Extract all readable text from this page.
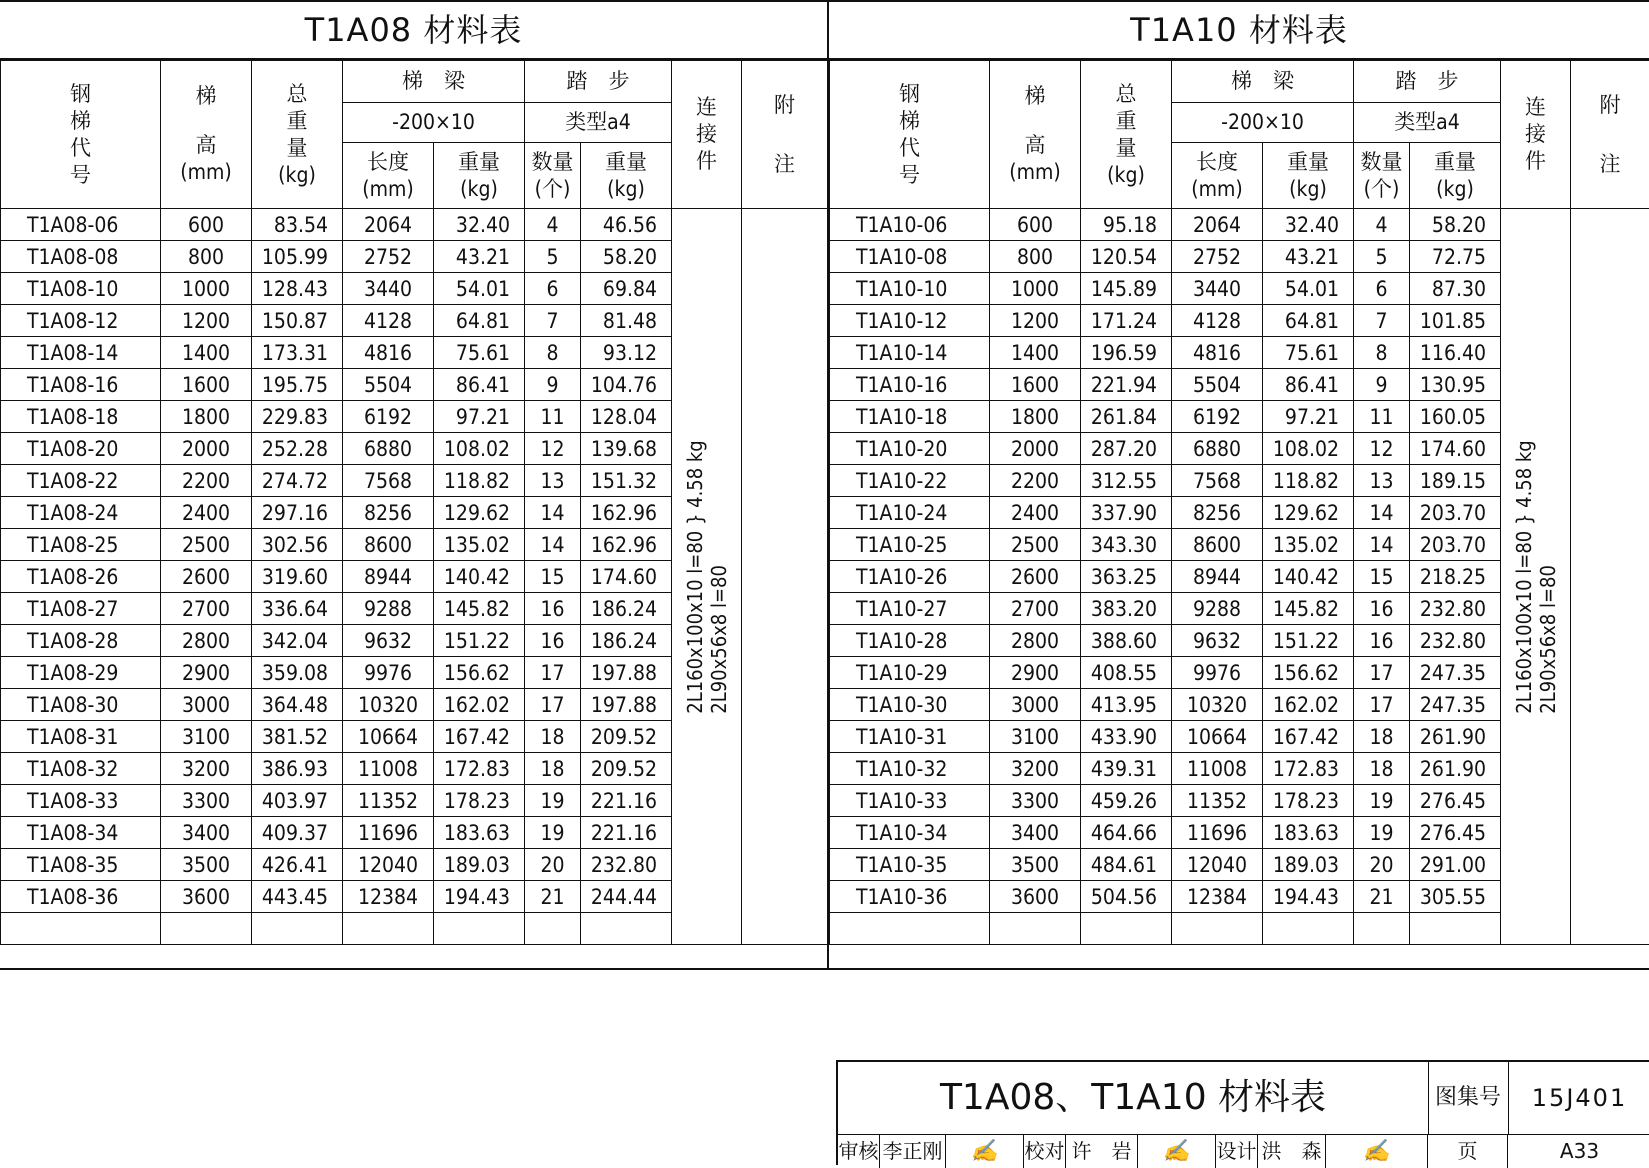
T1A08 材料表
钢
梯
代
号	梯
高
(mm)	总
重
量
(kg)	梯　梁		踏　步		连
接
件	附
注

			-200×10		类型a4			

			长度
(mm)	重量
(kg)	数量
(个)	重量
(kg)		

T1A08-06	600	83.54	2064	32.40	4	46.56	2L160x100x10 l=80 } 4.58 kg 2L90x56x8 l=80	

T1A08-08	800	105.99	2752	43.21	5	58.20		
T1A08-10	1000	128.43	3440	54.01	6	69.84		
T1A08-12	1200	150.87	4128	64.81	7	81.48		
T1A08-14	1400	173.31	4816	75.61	8	93.12		
T1A08-16	1600	195.75	5504	86.41	9	104.76		
T1A08-18	1800	229.83	6192	97.21	11	128.04		
T1A08-20	2000	252.28	6880	108.02	12	139.68		
T1A08-22	2200	274.72	7568	118.82	13	151.32		
T1A08-24	2400	297.16	8256	129.62	14	162.96		
T1A08-25	2500	302.56	8600	135.02	14	162.96		
T1A08-26	2600	319.60	8944	140.42	15	174.60		
T1A08-27	2700	336.64	9288	145.82	16	186.24		
T1A08-28	2800	342.04	9632	151.22	16	186.24		
T1A08-29	2900	359.08	9976	156.62	17	197.88		
T1A08-30	3000	364.48	10320	162.02	17	197.88		
T1A08-31	3100	381.52	10664	167.42	18	209.52		
T1A08-32	3200	386.93	11008	172.83	18	209.52		
T1A08-33	3300	403.97	11352	178.23	19	221.16		
T1A08-34	3400	409.37	11696	183.63	19	221.16		
T1A08-35	3500	426.41	12040	189.03	20	232.80		
T1A08-36	3600	443.45	12384	194.43	21	244.44		

T1A10 材料表
钢
梯
代
号	梯
高
(mm)	总
重
量
(kg)	梯　梁		踏　步		连
接
件	附
注

			-200×10		类型a4			

			长度
(mm)	重量
(kg)	数量
(个)	重量
(kg)		

T1A10-06	600	95.18	2064	32.40	4	58.20	2L160x100x10 l=80 } 4.58 kg 2L90x56x8 l=80	

T1A10-08	800	120.54	2752	43.21	5	72.75		
T1A10-10	1000	145.89	3440	54.01	6	87.30		
T1A10-12	1200	171.24	4128	64.81	7	101.85		
T1A10-14	1400	196.59	4816	75.61	8	116.40		
T1A10-16	1600	221.94	5504	86.41	9	130.95		
T1A10-18	1800	261.84	6192	97.21	11	160.05		
T1A10-20	2000	287.20	6880	108.02	12	174.60		
T1A10-22	2200	312.55	7568	118.82	13	189.15		
T1A10-24	2400	337.90	8256	129.62	14	203.70		
T1A10-25	2500	343.30	8600	135.02	14	203.70		
T1A10-26	2600	363.25	8944	140.42	15	218.25		
T1A10-27	2700	383.20	9288	145.82	16	232.80		
T1A10-28	2800	388.60	9632	151.22	16	232.80		
T1A10-29	2900	408.55	9976	156.62	17	247.35		
T1A10-30	3000	413.95	10320	162.02	17	247.35		
T1A10-31	3100	433.90	10664	167.42	18	261.90		
T1A10-32	3200	439.31	11008	172.83	18	261.90		
T1A10-33	3300	459.26	11352	178.23	19	276.45		
T1A10-34	3400	464.66	11696	183.63	19	276.45		
T1A10-35	3500	484.61	12040	189.03	20	291.00		
T1A10-36	3600	504.56	12384	194.43	21	305.55		

T1A08、T1A10 材料表	图集号	15J401
审核 李正刚	✍	校对 许　岩	✍	设计 洪　森	✍	页	A33
